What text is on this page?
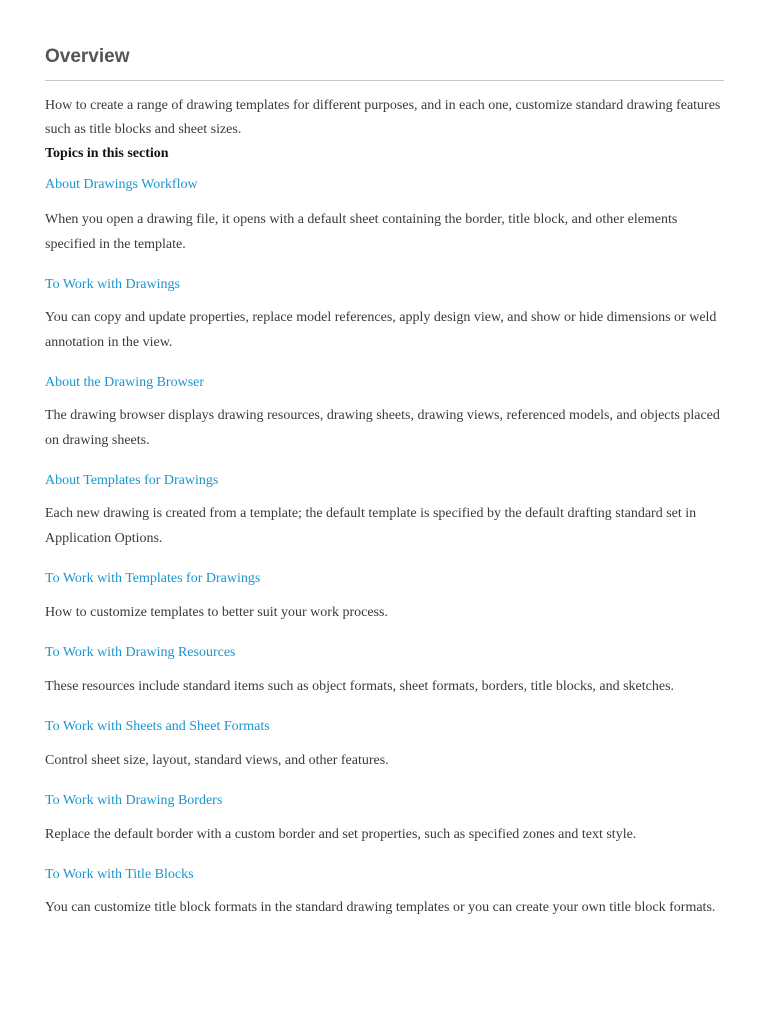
Overview

How to create a range of drawing templates for different purposes, and in each one, customize standard drawing features such as title blocks and sheet sizes.

Topics in this section
About Drawings Workflow

When you open a drawing file, it opens with a default sheet containing the border, title block, and other elements specified in the template.

To Work with Drawings

You can copy and update properties, replace model references, apply design view, and show or hide dimensions or weld annotation in the view.

About the Drawing Browser

The drawing browser displays drawing resources, drawing sheets, drawing views, referenced models, and objects placed on drawing sheets.

About Templates for Drawings

Each new drawing is created from a template; the default template is specified by the default drafting standard set in Application Options.

To Work with Templates for Drawings

How to customize templates to better suit your work process.

To Work with Drawing Resources

These resources include standard items such as object formats, sheet formats, borders, title blocks, and sketches.

To Work with Sheets and Sheet Formats

Control sheet size, layout, standard views, and other features.

To Work with Drawing Borders

Replace the default border with a custom border and set properties, such as specified zones and text style.

To Work with Title Blocks

You can customize title block formats in the standard drawing templates or you can create your own title block formats.
